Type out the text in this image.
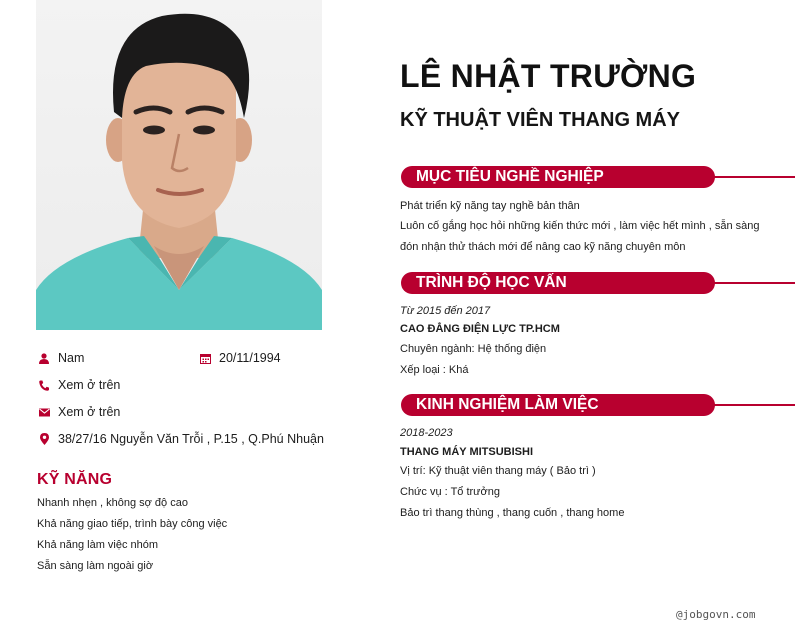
Nam	20/11/1994
Xem ở trên
Xem ở trên
38/27/16 Nguyễn Văn Trỗi , P.15 , Q.Phú Nhuận
KỸ NĂNG
Nhanh nhẹn , không sợ độ cao
Khả năng giao tiếp, trình bày công việc
Khả năng làm việc nhóm
Sẵn sàng làm ngoài giờ
LÊ NHẬT TRƯỜNG
KỸ THUẬT VIÊN THANG MÁY
MỤC TIÊU NGHỀ NGHIỆP
Phát triển kỹ năng tay nghề bản thân
Luôn cố gắng học hỏi những kiến thức mới , làm việc hết mình , sẵn sàng
đón nhận thử thách mới để nâng cao kỹ năng chuyên môn
TRÌNH ĐỘ HỌC VẤN
Từ 2015 đến 2017
CAO ĐẲNG ĐIỆN LỰC TP.HCM
Chuyên ngành: Hệ thống điện
Xếp loại : Khá
KINH NGHIỆM LÀM VIỆC
2018-2023
THANG MÁY MITSUBISHI
Vị trí: Kỹ thuật viên thang máy ( Bảo trì )
Chức vụ : Tổ trưởng
Bảo trì thang thùng , thang cuốn , thang home
@jobgovn.com
